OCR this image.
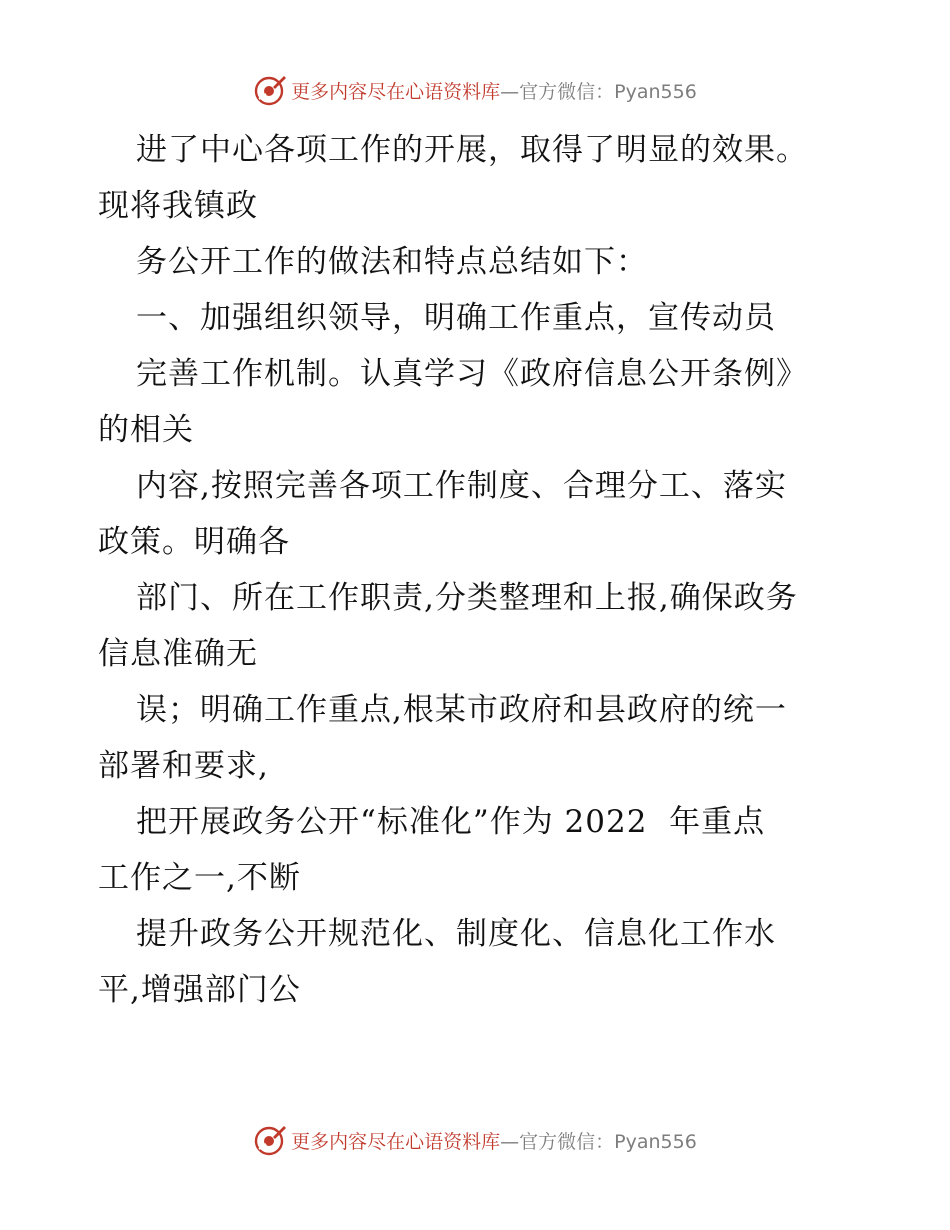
更多内容尽在心语资料库 —官方微信：Pyan556

进了中心各项工作的开展，取得了明显的效果。
现将我镇政

务公开工作的做法和特点总结如下：

一、加强组织领导，明确工作重点，宣传动员

完善工作机制。认真学习《政府信息公开条例》
的相关

内容,按照完善各项工作制度、合理分工、落实
政策。明确各

部门、所在工作职责,分类整理和上报,确保政务
信息准确无

误；明确工作重点,根某市政府和县政府的统一
部署和要求,

把开展政务公开“标准化”作为 2022  年重点
工作之一,不断

提升政务公开规范化、制度化、信息化工作水
平,增强部门公

更多内容尽在心语资料库 —官方微信：Pyan556
